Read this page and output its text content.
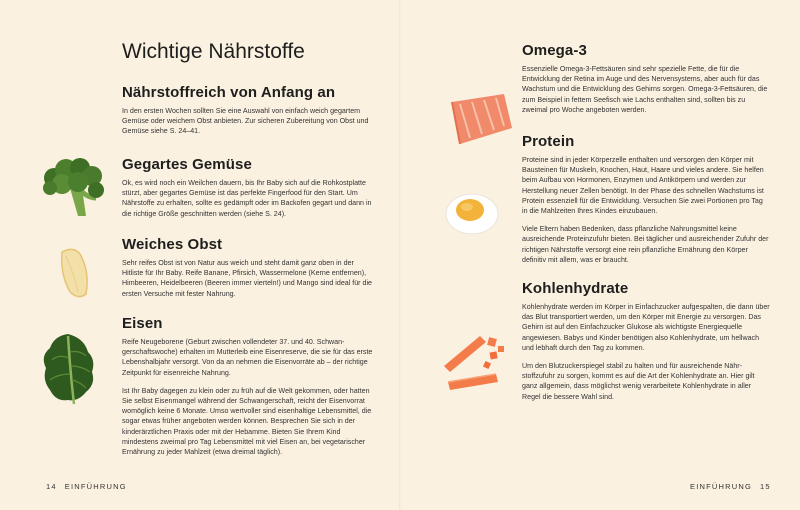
Wichtige Nährstoffe
Nährstoffreich von Anfang an

In den ersten Wochen sollten Sie eine Auswahl von einfach weich gegartem Gemüse oder weichem Obst anbieten. Zur sicheren Zubereitung von Obst und Gemüse siehe S. 24–41.

Gegartes Gemüse

Ok, es wird noch ein Weilchen dauern, bis Ihr Baby sich auf die Rohkostplatte stürzt, aber gegartes Gemüse ist das perfekte Fingerfood für den Start. Um Nährstoffe zu erhalten, sollte es gedämpft oder im Backofen gegart und dann in die richtige Größe geschnitten werden (siehe S. 24).

Weiches Obst

Sehr reifes Obst ist von Natur aus weich und steht damit ganz oben in der Hitliste für Ihr Baby. Reife Banane, Pfirsich, Wassermelone (Kerne entfernen), Himbeeren, Heidelbeeren (Beeren immer vierteln!) und Mango sind ideal für die ersten Versuche mit fester Nahrung.

Eisen

Reife Neugeborene (Geburt zwischen vollendeter 37. und 40. Schwangerschaftswoche) erhalten im Mutterleib eine Eisenreserve, die sie für das erste Lebenshalbjahr versorgt. Von da an nehmen die Eisenvorräte ab – der richtige Zeitpunkt für eisenreiche Nahrung.

Ist Ihr Baby dagegen zu klein oder zu früh auf die Welt gekommen, oder hatten Sie selbst Eisenmangel während der Schwangerschaft, reicht der Eisenvorrat womöglich keine 6 Monate. Umso wertvoller sind eisenhaltige Lebensmittel, die sogar etwas früher angeboten werden können. Besprechen Sie sich in der kinderärztlichen Praxis oder mit der Hebamme. Bieten Sie Ihrem Kind mindestens zweimal pro Tag Lebensmittel mit viel Eisen an, bei vegetarischer Ernährung zu jeder Mahlzeit (etwa dreimal täglich).

14 EINFÜHRUNG
Omega-3

Essenzielle Omega-3-Fettsäuren sind sehr spezielle Fette, die für die Entwicklung der Retina im Auge und des Nervensystems, aber auch für das Wachstum und die Entwicklung des Gehirns sorgen. Omega-3-Fettsäuren, die zum Beispiel in fettem Seefisch wie Lachs enthalten sind, sollten bis zu zweimal pro Woche angeboten werden.

Protein

Proteine sind in jeder Körperzelle enthalten und versorgen den Körper mit Bausteinen für Muskeln, Knochen, Haut, Haare und vieles andere. Sie helfen beim Aufbau von Hormonen, Enzymen und Antikörpern und werden zur Herstellung neuer Zellen benötigt. In der Phase des schnellen Wachstums ist Protein essenziell für die Entwicklung. Versuchen Sie zwei Portionen pro Tag in die Mahlzeiten Ihres Kindes einzubauen.

Viele Eltern haben Bedenken, dass pflanzliche Nahrungsmittel keine ausreichende Proteinzufuhr bieten. Bei täglicher und ausreichender Zufuhr der richtigen Nährstoffe versorgt eine rein pflanzliche Ernährung den Körper definitiv mit allem, was er braucht.

Kohlenhydrate

Kohlenhydrate werden im Körper in Einfachzucker aufgespalten, die dann über das Blut transportiert werden, um den Körper mit Energie zu versorgen. Das Gehirn ist auf den Einfachzucker Glukose als wichtigste Energiequelle angewiesen. Babys und Kinder benötigen also Kohlenhydrate, um hellwach und lebhaft durch den Tag zu kommen.

Um den Blutzuckerspiegel stabil zu halten und für ausreichende Nährstoffzufuhr zu sorgen, kommt es auf die Art der Kohlenhydrate an. Hier gilt ganz allgemein, dass möglichst wenig verarbeitete Kohlenhydrate in aller Regel die bessere Wahl sind.

EINFÜHRUNG 15
